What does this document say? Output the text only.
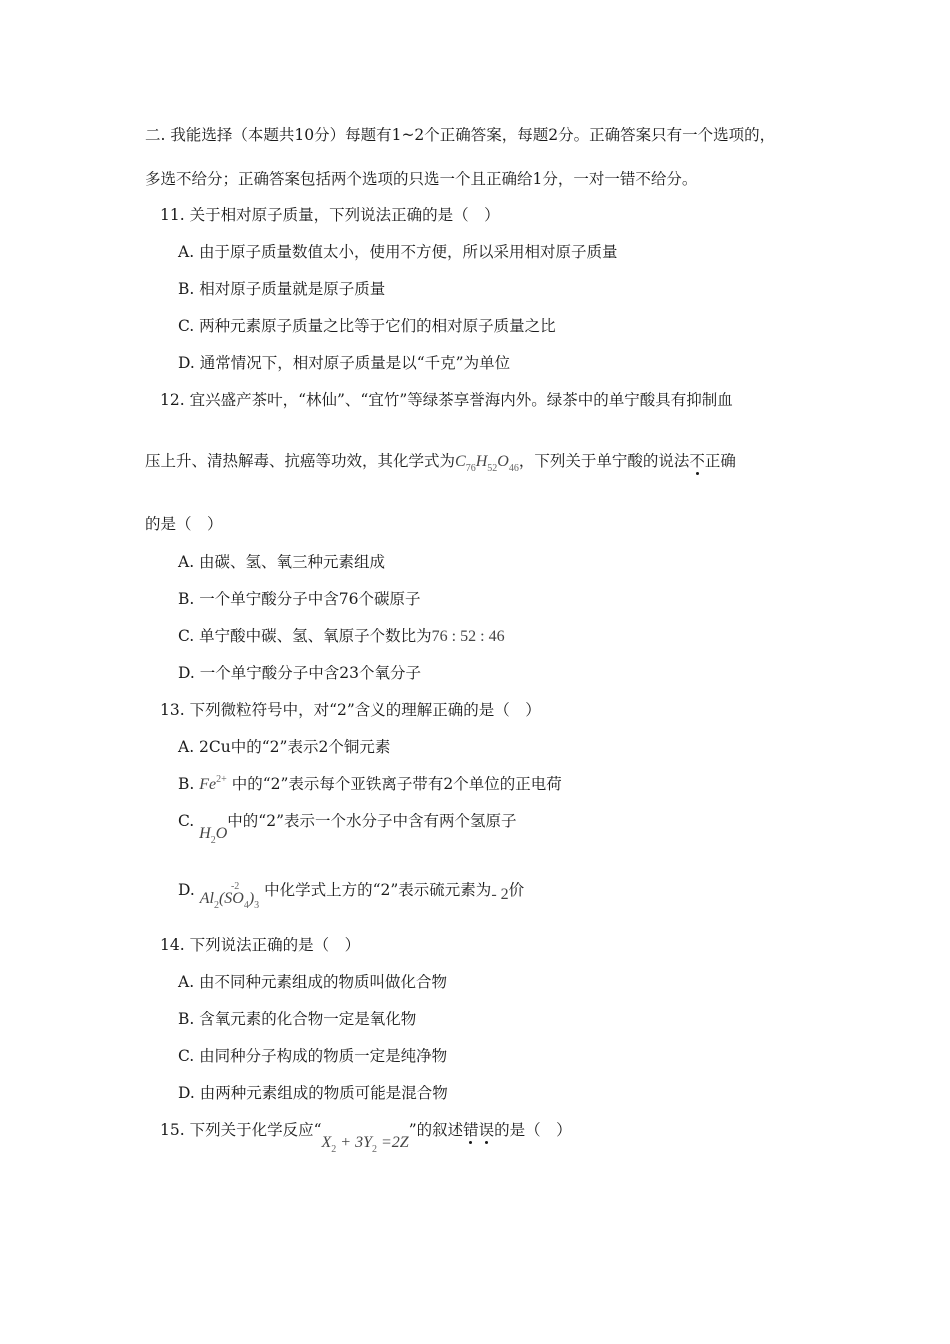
二. 我能选择（本题共10分）每题有1~2个正确答案，每题2分。正确答案只有一个选项的，
多选不给分；正确答案包括两个选项的只选一个且正确给1分，一对一错不给分。
11. 关于相对原子质量，下列说法正确的是（　）
A. 由于原子质量数值太小，使用不方便，所以采用相对原子质量
B. 相对原子质量就是原子质量
C. 两种元素原子质量之比等于它们的相对原子质量之比
D. 通常情况下，相对原子质量是以“千克”为单位
12. 宜兴盛产茶叶，“林仙”、“宜竹”等绿茶享誉海内外。绿茶中的单宁酸具有抑制血
压上升、清热解毒、抗癌等功效，其化学式为$C_{76}H_{52}O_{46}$，下列关于单宁酸的说法不正确
的是（　）
A. 由碳、氢、氧三种元素组成
B. 一个单宁酸分子中含76个碳原子
C. 单宁酸中碳、氢、氧原子个数比为76 : 52 : 46
D. 一个单宁酸分子中含23个氧分子
13. 下列微粒符号中，对“2”含义的理解正确的是（　）
A. 2Cu中的“2”表示2个铜元素
B. $Fe^{2+}$ 中的“2”表示每个亚铁离子带有2个单位的正电荷
C. $H_2O$中的“2”表示一个水分子中含有两个氢原子
D. $Al_2$
-2
$(SO_4)_3$ 中化学式上方的“2”表示硫元素为- 2价
14. 下列说法正确的是（　）
A. 由不同种元素组成的物质叫做化合物
B. 含氧元素的化合物一定是氧化物
C. 由同种分子构成的物质一定是纯净物
D. 由两种元素组成的物质可能是混合物
15. 下列关于化学反应“$X_2 + 3Y_2 =2Z$”的叙述错误的是（　）
